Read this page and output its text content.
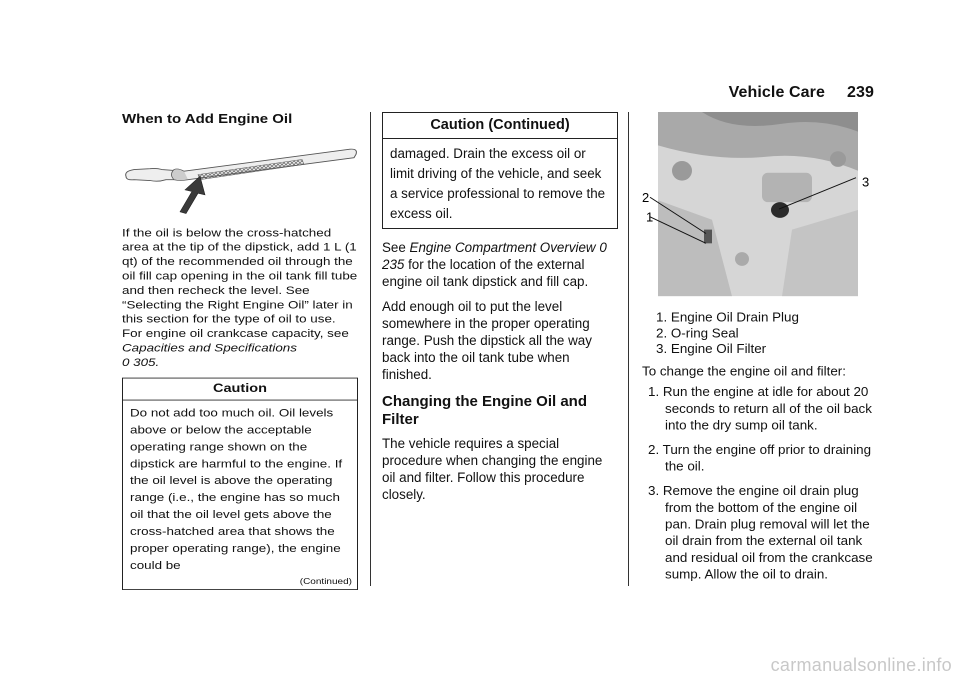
Vehicle Care 239
When to Add Engine Oil

If the oil is below the cross-hatched area at the tip of the dipstick, add 1 L (1 qt) of the recommended oil through the oil fill cap opening in the oil tank fill tube and then recheck the level. See “Selecting the Right Engine Oil” later in this section for the type of oil to use. For engine oil crankcase capacity, see Capacities and Specifications
0 305.

Caution
Do not add too much oil. Oil levels above or below the acceptable operating range shown on the dipstick are harmful to the engine. If the oil level is above the operating range (i.e., the engine has so much oil that the oil level gets above the cross-hatched area that shows the proper operating range), the engine could be
(Continued)
Caution (Continued)
damaged. Drain the excess oil or limit driving of the vehicle, and seek a service professional to remove the excess oil.

See Engine Compartment Overview 0 235 for the location of the external engine oil tank dipstick and fill cap.

Add enough oil to put the level somewhere in the proper operating range. Push the dipstick all the way back into the oil tank tube when finished.

Changing the Engine Oil and Filter

The vehicle requires a special procedure when changing the engine oil and filter. Follow this procedure closely.

3
2
1
1. Engine Oil Drain Plug
2. O-ring Seal
3. Engine Oil Filter

To change the engine oil and filter:

1. Run the engine at idle for about 20 seconds to return all of the oil back into the dry sump oil tank.
2. Turn the engine off prior to draining the oil.
3. Remove the engine oil drain plug from the bottom of the engine oil pan. Drain plug removal will let the oil drain from the external oil tank and residual oil from the crankcase sump. Allow the oil to drain.
carmanualsonline.info
